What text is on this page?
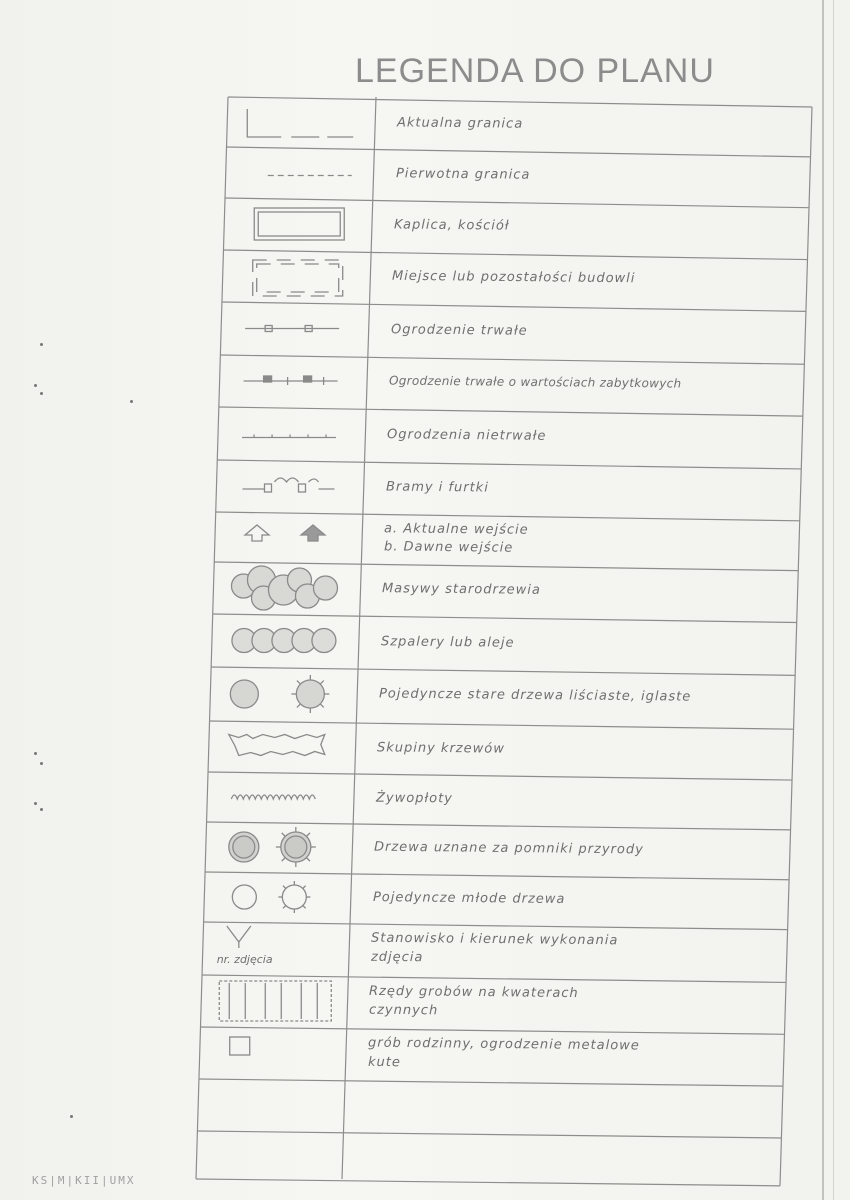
LEGENDA DO PLANU
Aktualna granica
Pierwotna granica
Kaplica, kościół
Miejsce lub pozostałości budowli
Ogrodzenie trwałe
Ogrodzenie trwałe o wartościach zabytkowych
Ogrodzenia nietrwałe
Bramy i furtki
a. Aktualne wejście
b. Dawne wejście
Masywy starodrzewia
Szpalery lub aleje
Pojedyncze stare drzewa liściaste, iglaste
Skupiny krzewów
Żywopłoty
Drzewa uznane za pomniki przyrody
Pojedyncze młode drzewa
Stanowisko i kierunek wykonania
zdjęcia
nr. zdjęcia
Rzędy grobów na kwaterach
czynnych
grób rodzinny, ogrodzenie metalowe
kute
KS|M|KII|UMX
